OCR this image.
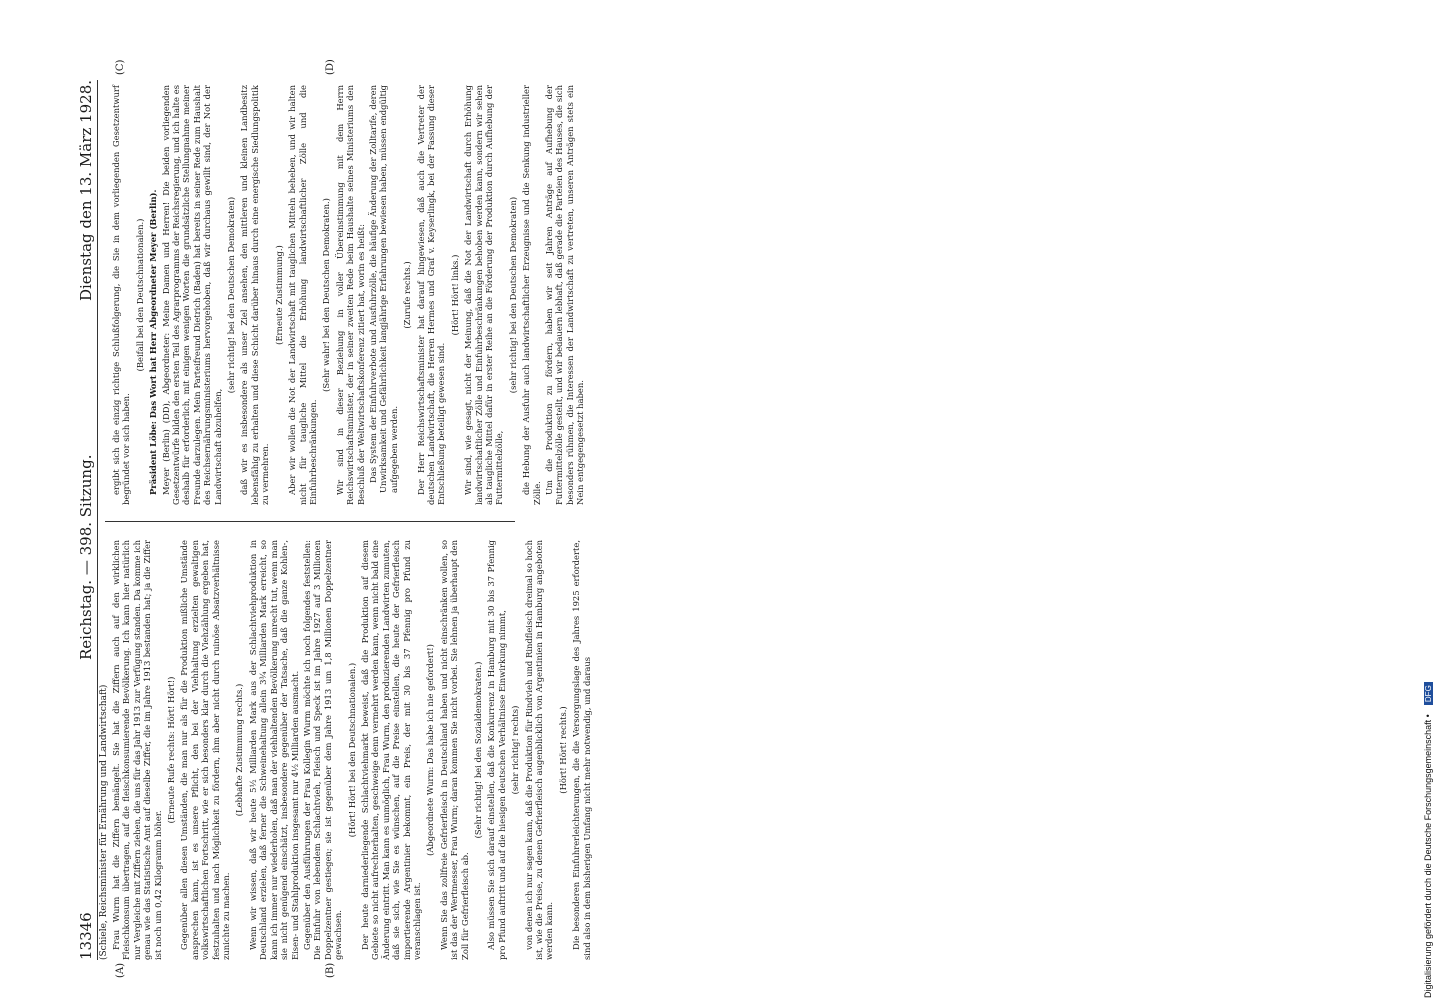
13346
Reichstag. — 398. Sitzung.
Dienstag den 13. März 1928.
(Schiele, Reichsminister für Ernährung und Landwirtschaft)
(A)	(B)
(C)	(D)

Frau Wurm hat die Ziffern bemängelt. Sie hat die Ziffern auch auf den wirklichen Fleischkonsum übertragen, auf die fleischkonsumierende Bevölkerung. Ich kann hier natürlich nur Vergleiche mit Ziffern ziehen, die uns für das Jahr 1913 zur Verfügung standen. Da komme ich genau wie das Statistische Amt auf dieselbe Ziffer, die im Jahre 1913 bestanden hat; ja die Ziffer ist noch um 0,42 Kilogramm höher.

(Erneute Rufe rechts: Hört! Hört!) Gegenüber allen diesen Umständen, die man nur als für die Produktion mißliche Umstände ansprechen kann, ist es unsere Pflicht, den bei der Viehhaltung erzielten gewaltigen volkswirtschaftlichen Fortschritt, wie er sich besonders klar durch die Viehzählung ergeben hat, festzuhalten und nach Möglichkeit zu fördern, ihm aber nicht durch ruinöse Absatzverhältnisse zunichte zu machen.

(Lebhafte Zustimmung rechts.) Wenn wir wissen, daß wir heute 5½ Milliarden Mark aus der Schlachtviehproduktion in Deutschland erzielen, daß ferner die Schweinehaltung allein 3¾ Milliarden Mark erreicht, so kann ich immer nur wiederholen, daß man der viehhaltenden Bevölkerung unrecht tut, wenn man sie nicht genügend einschätzt, insbesondere gegenüber der Tatsache, daß die ganze Kohlen-, Eisen- und Stahlproduktion insgesamt nur 4½ Milliarden ausmacht. Gegenüber den Ausführungen der Frau Kollegin Wurm möchte ich noch folgendes feststellen: Die Einfuhr von lebendem Schlachtvieh, Fleisch und Speck ist im Jahre 1927 auf 3 Millionen Doppelzentner gestiegen; sie ist gegenüber dem Jahre 1913 um 1,8 Millionen Doppelzentner gewachsen.

(Hört! Hört! bei den Deutschnationalen.) Der heute darniederliegende Schlachtviehmarkt beweist, daß die Produktion auf diesem Gebiete so nicht aufrechterhalten, geschweige denn vermehrt werden kann, wenn nicht bald eine Änderung eintritt. Man kann es unmöglich, Frau Wurm, den produzierenden Landwirten zumuten, daß sie sich, wie Sie es wünschen, auf die Preise einstellen, die heute der Gefrierfleisch importierende Argentinier bekommt, ein Preis, der mit 30 bis 37 Pfennig pro Pfund zu veranschlagen ist.

(Abgeordnete Wurm: Das habe ich nie gefordert!) Wenn Sie das zollfreie Gefrierfleisch in Deutschland haben und nicht einschränken wollen, so ist das der Wertmesser, Frau Wurm; daran kommen Sie nicht vorbei. Sie lehnen ja überhaupt den Zoll für Gefrierfleisch ab.

(Sehr richtig! bei den Sozialdemokraten.) Also müssen Sie sich darauf einstellen, daß die Konkurrenz in Hamburg mit 30 bis 37 Pfennig pro Pfund auftritt und auf die hiesigen deutschen Verhältnisse Einwirkung nimmt, (sehr richtig! rechts) von denen ich nur sagen kann, daß die Produktion für Rindvieh und Rindfleisch dreimal so hoch ist, wie die Preise, zu denen Gefrierfleisch augenblicklich von Argentinien in Hamburg angeboten werden kann.

(Hört! Hört! rechts.) Die besonderen Einfuhrerleichterungen, die die Versorgungslage des Jahres 1925 erforderte, sind also in dem bisherigen Umfang nicht mehr notwendig, und daraus

ergibt sich die einzig richtige Schlußfolgerung, die Sie in dem vorliegenden Gesetzentwurf begründet vor sich haben.

(Beifall bei den Deutschnationalen.) Präsident Löbe: Das Wort hat Herr Abgeordneter Meyer (Berlin). Meyer (Berlin) (DD), Abgeordneter: Meine Damen und Herren! Die beiden vorliegenden Gesetzentwürfe bilden den ersten Teil des Agrarprogramms der Reichsregierung, und ich halte es deshalb für erforderlich, mit einigen wenigen Worten die grundsätzliche Stellungnahme meiner Freunde darzulegen. Mein Parteifreund Dietrich (Baden) hat bereits in seiner Rede zum Haushalt des Reichsernährungsministeriums hervorgehoben, daß wir durchaus gewillt sind, der Not der Landwirtschaft abzuhelfen,

(sehr richtig! bei den Deutschen Demokraten) daß wir es insbesondere als unser Ziel ansehen, den mittleren und kleinen Landbesitz lebensfähig zu erhalten und diese Schicht darüber hinaus durch eine energische Siedlungspolitik zu vermehren.

(Erneute Zustimmung.) Aber wir wollen die Not der Landwirtschaft mit tauglichen Mitteln beheben, und wir halten nicht für taugliche Mittel die Erhöhung landwirtschaftlicher Zölle und die Einfuhrbeschränkungen.

(Sehr wahr! bei den Deutschen Demokraten.) Wir sind in dieser Beziehung in voller Übereinstimmung mit dem Herrn Reichswirtschaftsminister, der in seiner zweiten Rede beim Haushalte seines Ministeriums den Beschluß der Weltwirtschaftskonferenz zitiert hat, worin es heißt: Das System der Einfuhrverbote und Ausfuhrzölle, die häufige Änderung der Zolltarife, deren Unwirksamkeit und Gefährlichkeit langjährige Erfahrungen bewiesen haben, müssen endgültig aufgegeben werden.

(Zurufe rechts.) Der Herr Reichswirtschaftsminister hat darauf hingewiesen, daß auch die Vertreter der deutschen Landwirtschaft, die Herren Hermes und Graf v. Keyserlingk, bei der Fassung dieser Entschließung beteiligt gewesen sind.

(Hört! Hört! links.) Wir sind, wie gesagt, nicht der Meinung, daß die Not der Landwirtschaft durch Erhöhung landwirtschaftlicher Zölle und Einfuhrbeschränkungen behoben werden kann, sondern wir sehen als taugliche Mittel dafür in erster Reihe an die Förderung der Produktion durch Aufhebung der Futtermittelzölle,

(sehr richtig! bei den Deutschen Demokraten) die Hebung der Ausfuhr auch landwirtschaftlicher Erzeugnisse und die Senkung industrieller Zölle. Um die Produktion zu fördern, haben wir seit Jahren Anträge auf Aufhebung der Futtermittelzölle gestellt, und wir bedauern lebhaft, daß gerade die Parteien des Hauses, die sich besonders rühmen, die Interessen der Landwirtschaft zu vertreten, unseren Anträgen stets ein Nein entgegengesetzt haben.

Digitalisierung gefördert durch die Deutsche Forschungsgemeinschaft • DFG
